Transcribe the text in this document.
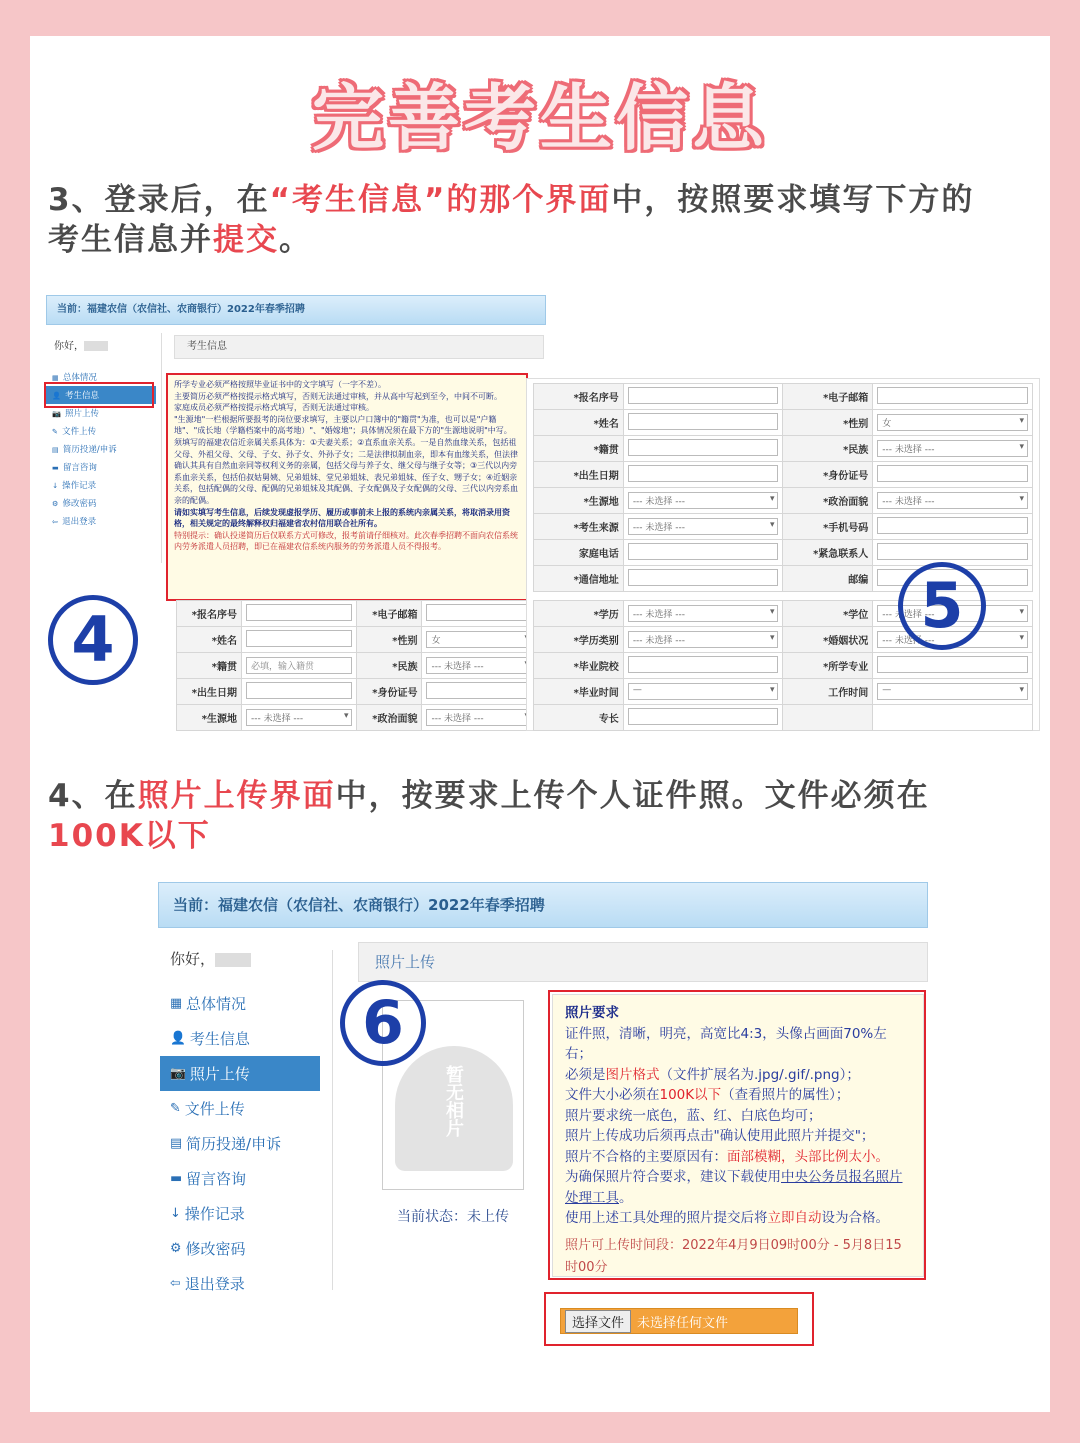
完善考生信息
3、登录后，在“考生信息”的那个界面中，按照要求填写下方的
考生信息并提交。
当前：福建农信（农信社、农商银行）2022年春季招聘
你好，
▦ 总体情况
👤 考生信息
📷 照片上传
✎ 文件上传
▤ 简历投递/申诉
▬ 留言咨询
↓ 操作记录
⚙ 修改密码
⇦ 退出登录
考生信息
所学专业必须严格按照毕业证书中的文字填写（一字不差）。
主要简历必须严格按提示格式填写，否则无法通过审核，并从高中写起到至今，中间不可断。
家庭成员必须严格按提示格式填写，否则无法通过审核。
"生源地"一栏根据所要报考的岗位要求填写，主要以户口簿中的"籍贯"为准，也可以是"户籍地"、"成长地（学籍档案中的高考地）"、"婚嫁地"；具体情况须在最下方的"生源地说明"中写。
须填写的福建农信近亲属关系具体为：①夫妻关系；②直系血亲关系。一是自然血缘关系，包括祖父母、外祖父母、父母、子女、孙子女、外孙子女；二是法律拟制血亲，即本有血缘关系，但法律确认其具有自然血亲同等权利义务的亲属，包括父母与养子女、继父母与继子女等；③三代以内旁系血亲关系，包括伯叔姑舅姨、兄弟姐妹、堂兄弟姐妹、表兄弟姐妹、侄子女、甥子女；④近姻亲关系，包括配偶的父母、配偶的兄弟姐妹及其配偶、子女配偶及子女配偶的父母、三代以内旁系血亲的配偶。
请如实填写考生信息，后续发现虚报学历、履历或事前未上报的系统内亲属关系，将取消录用资格，相关规定的最终解释权归福建省农村信用联合社所有。
特别提示：确认投递简历后仅联系方式可修改，报考前请仔细核对。此次春季招聘不面向农信系统内劳务派遣人员招聘，即已在福建农信系统内服务的劳务派遣人员不得报考。
*报名序号		*电子邮箱	
*姓名		*性别	女 ▾
*籍贯	必填，输入籍贯	*民族	--- 未选择 --- ▾
*出生日期		*身份证号	
*生源地	--- 未选择 --- ▾	*政治面貌	--- 未选择 --- ▾
*报名序号		*电子邮箱	
*姓名		*性别	女 ▾
*籍贯		*民族	--- 未选择 --- ▾
*出生日期		*身份证号	
*生源地	--- 未选择 --- ▾	*政治面貌	--- 未选择 --- ▾
*考生来源	--- 未选择 --- ▾	*手机号码	
家庭电话		*紧急联系人	
*通信地址		邮编	
*学历	--- 未选择 --- ▾	*学位	--- 未选择 --- ▾
*学历类别	--- 未选择 --- ▾	*婚姻状况	--- 未选择 --- ▾
*毕业院校		*所学专业	
*毕业时间	— ▾	工作时间	— ▾
专长			
4	5
4、在照片上传界面中，按要求上传个人证件照。文件必须在
100K以下
当前：福建农信（农信社、农商银行）2022年春季招聘
你好，
▦ 总体情况
👤 考生信息
📷 照片上传
✎ 文件上传
▤ 简历投递/申诉
▬ 留言咨询
↓ 操作记录
⚙ 修改密码
⇦ 退出登录
照片上传
暂无相片
当前状态：未上传
照片要求
证件照，清晰，明亮，高宽比4:3，头像占画面70%左右；
必须是图片格式（文件扩展名为.jpg/.gif/.png）；
文件大小必须在100K以下（查看照片的属性）；
照片要求统一底色，蓝、红、白底色均可；
照片上传成功后须再点击"确认使用此照片并提交"；
照片不合格的主要原因有：面部模糊，头部比例太小。
为确保照片符合要求，建议下载使用中央公务员报名照片处理工具。
使用上述工具处理的照片提交后将立即自动设为合格。
照片可上传时间段：2022年4月9日09时00分 - 5月8日15时00分
选择文件	未选择任何文件
6
